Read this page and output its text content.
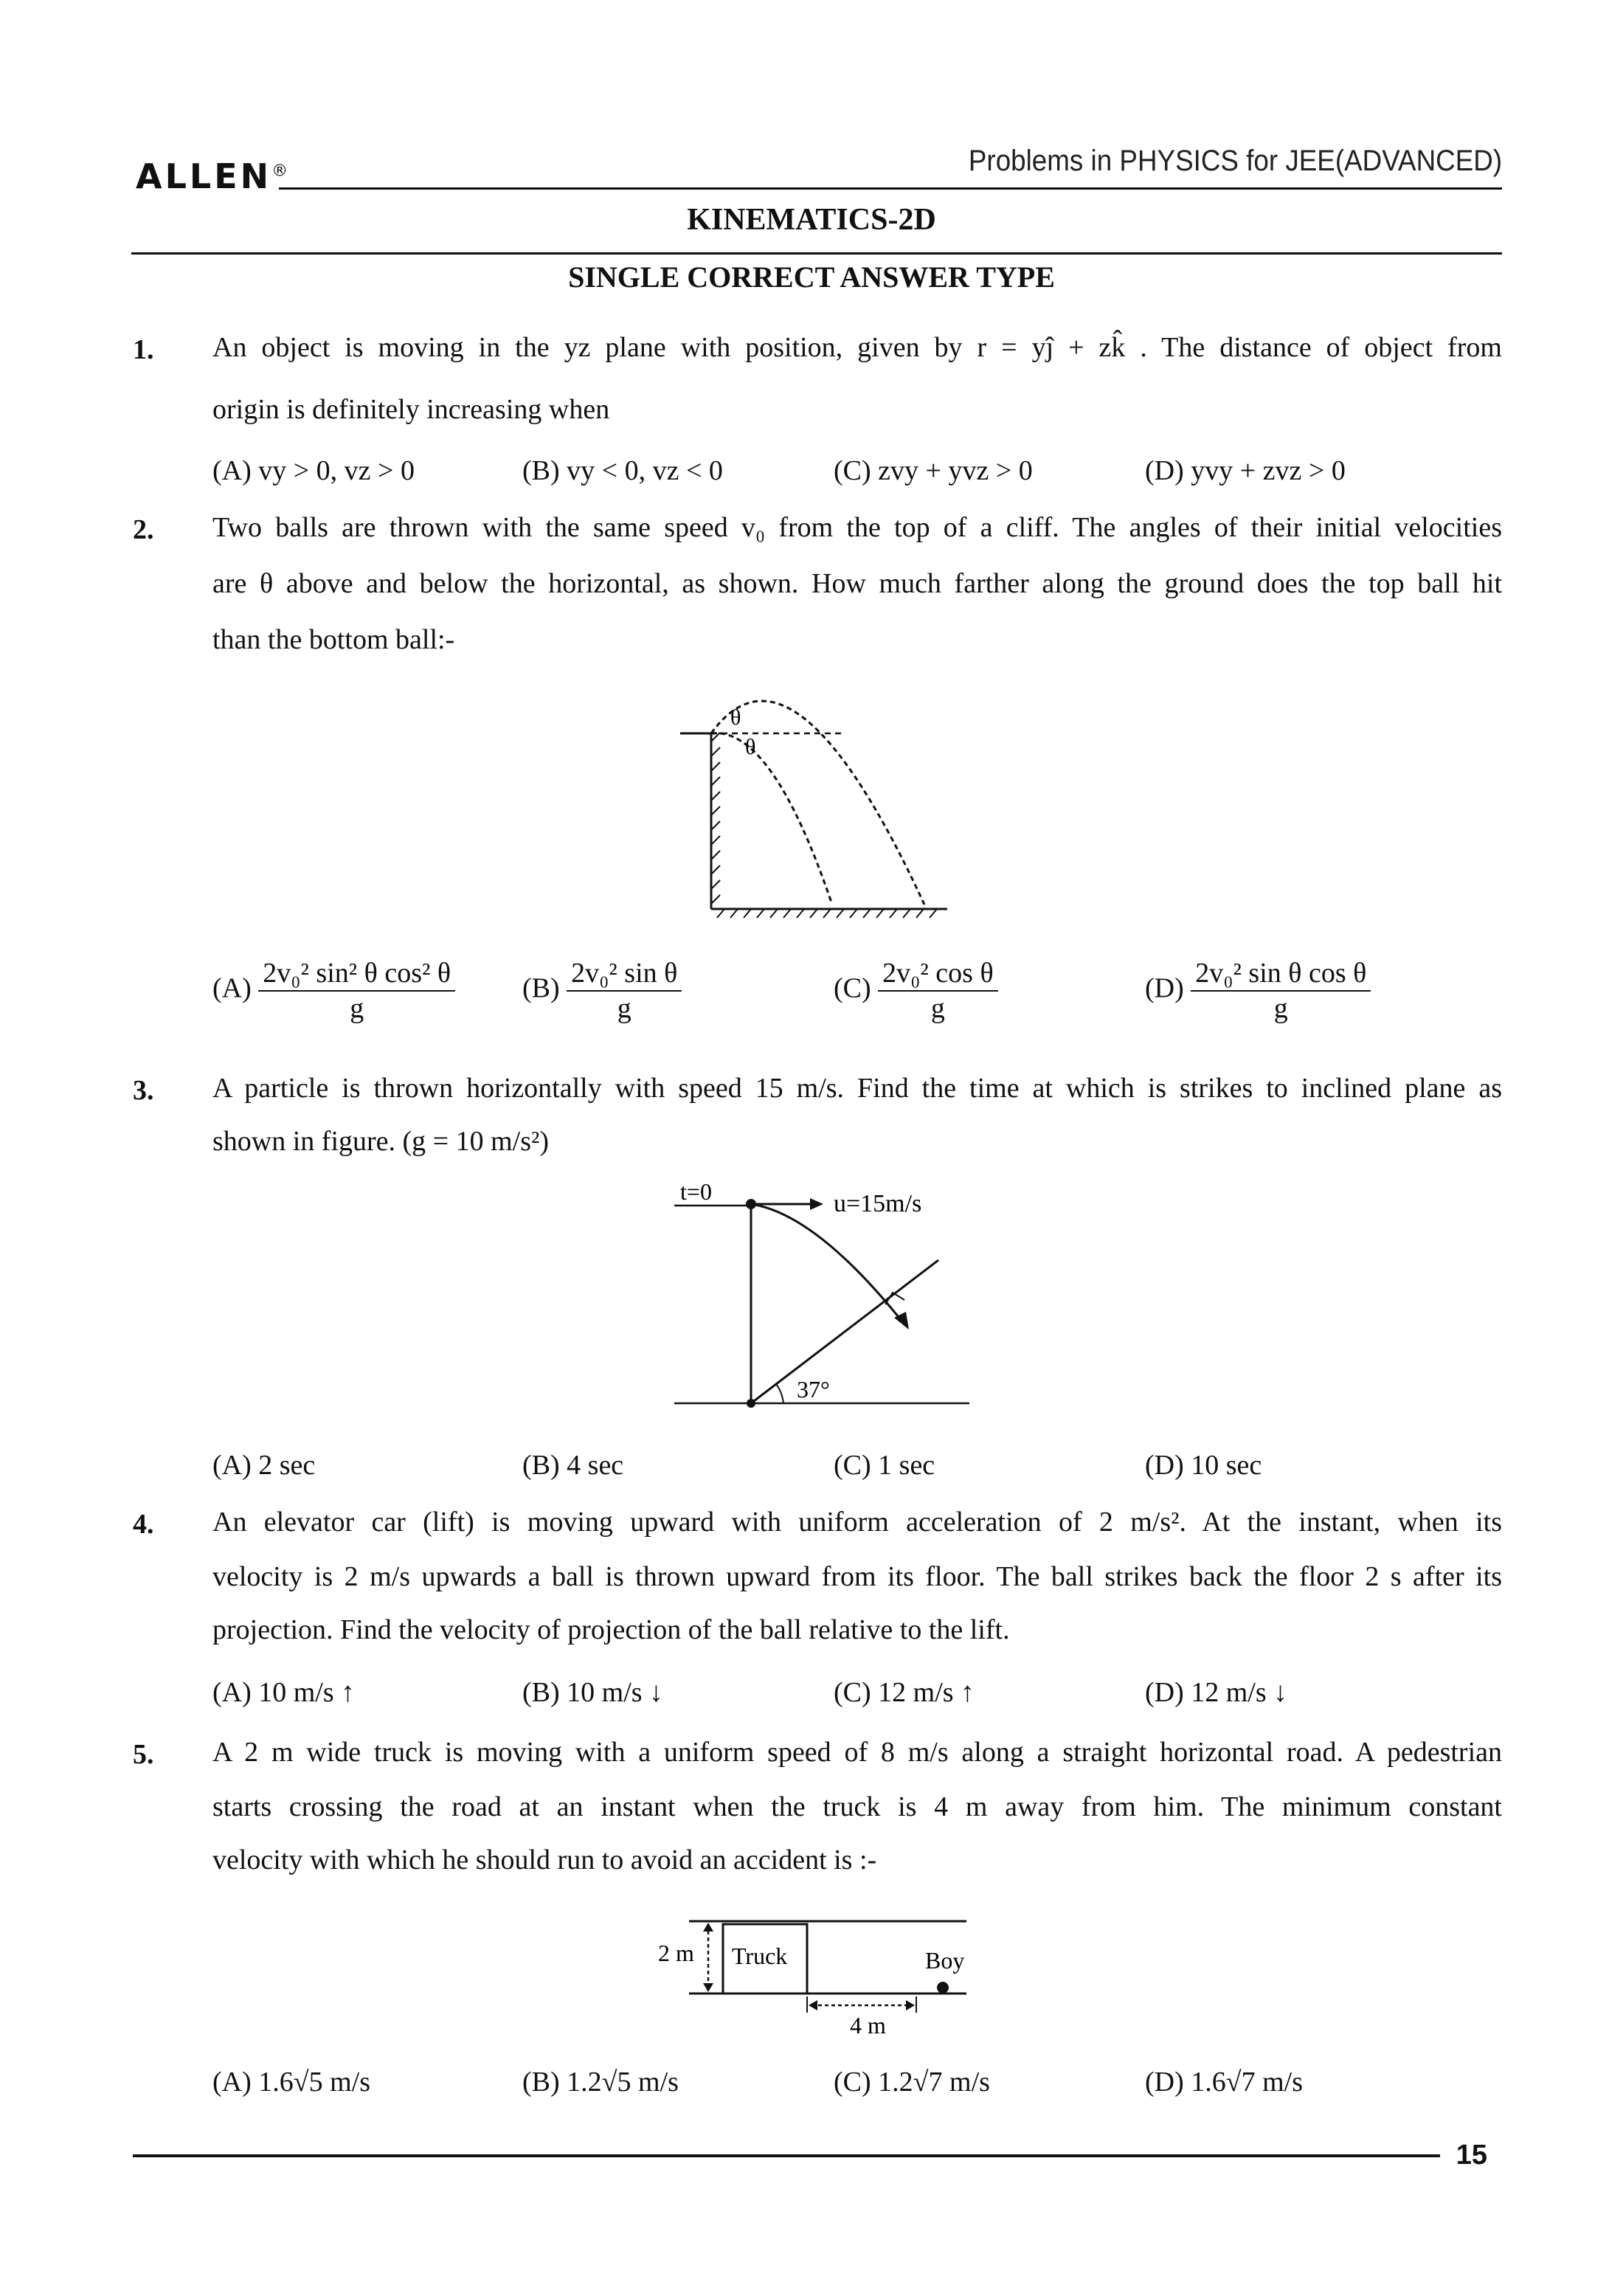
ALLEN®	Problems in PHYSICS for JEE(ADVANCED)
KINEMATICS-2D
SINGLE CORRECT ANSWER TYPE
1. An object is moving in the yz plane with position, given by r = yĵ + zk̂ . The distance of object from
origin is definitely increasing when
(A) vy > 0, vz > 0	(B) vy < 0, vz < 0	(C) zvy + yvz > 0	(D) yvy + zvz > 0
2. Two balls are thrown with the same speed v₀ from the top of a cliff. The angles of their initial velocities
are θ above and below the horizontal, as shown. How much farther along the ground does the top ball hit
than the bottom ball:-
θ
θ
$(A) \frac{\text{2v₀² sin² θ cos² θ}}{g} (B) \frac{\text{2v₀² sin θ}}{g}$	$(C) \frac{\text{2v₀² cos θ}}{g}$	$(D) \frac{\text{2v₀² sin θ cos θ}}{g}$
3. A particle is thrown horizontally with speed 15 m/s. Find the time at which is strikes to inclined plane as
shown in figure. (g = 10 m/s²)
t=0	u=15m/s
37°
(A) 2 sec	(B) 4 sec	(C) 1 sec	(D) 10 sec
4. An elevator car (lift) is moving upward with uniform acceleration of 2 m/s². At the instant, when its
velocity is 2 m/s upwards a ball is thrown upward from its floor. The ball strikes back the floor 2 s after its
projection. Find the velocity of projection of the ball relative to the lift.
(A) 10 m/s ↑	(B) 10 m/s ↓	(C) 12 m/s ↑	(D) 12 m/s ↓
5. A 2 m wide truck is moving with a uniform speed of 8 m/s along a straight horizontal road. A pedestrian
starts crossing the road at an instant when the truck is 4 m away from him. The minimum constant
velocity with which he should run to avoid an accident is :-
2 m Truck	Boy
4 m
(A) 1.6√5 m/s	(B) 1.2√5 m/s	(C) 1.2√7 m/s	(D) 1.6√7 m/s
15
